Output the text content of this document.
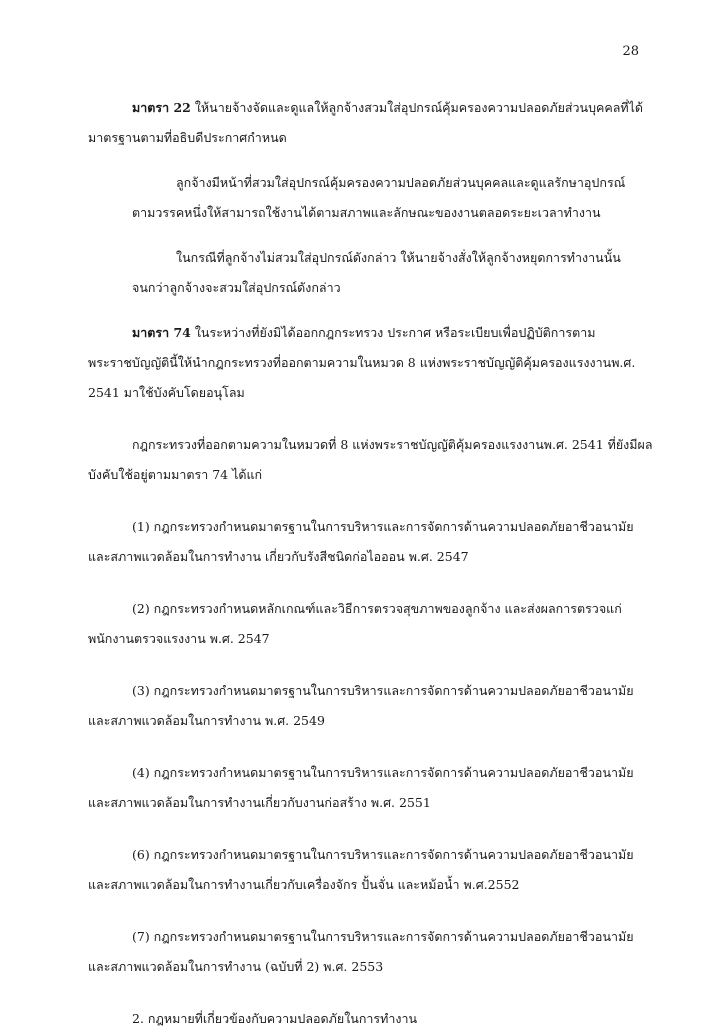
28

มาตรา 22 ให้นายจ้างจัดและดูแลให้ลูกจ้างสวมใส่อุปกรณ์คุ้มครองความปลอดภัยส่วนบุคคลที่ได้
มาตรฐานตามที่อธิบดีประกาศกำหนด

ลูกจ้างมีหน้าที่สวมใส่อุปกรณ์คุ้มครองความปลอดภัยส่วนบุคคลและดูแลรักษาอุปกรณ์
ตามวรรคหนึ่งให้สามารถใช้งานได้ตามสภาพและลักษณะของงานตลอดระยะเวลาทำงาน

ในกรณีที่ลูกจ้างไม่สวมใส่อุปกรณ์ดังกล่าว ให้นายจ้างสั่งให้ลูกจ้างหยุดการทำงานนั้น
จนกว่าลูกจ้างจะสวมใส่อุปกรณ์ดังกล่าว

มาตรา 74 ในระหว่างที่ยังมิได้ออกกฎกระทรวง ประกาศ หรือระเบียบเพื่อปฏิบัติการตาม
พระราชบัญญัตินี้ให้นำกฎกระทรวงที่ออกตามความในหมวด 8 แห่งพระราชบัญญัติคุ้มครองแรงงานพ.ศ.
2541 มาใช้บังคับโดยอนุโลม

กฎกระทรวงที่ออกตามความในหมวดที่ 8 แห่งพระราชบัญญัติคุ้มครองแรงงานพ.ศ. 2541 ที่ยังมีผล
บังคับใช้อยู่ตามมาตรา 74 ได้แก่

(1) กฎกระทรวงกำหนดมาตรฐานในการบริหารและการจัดการด้านความปลอดภัยอาชีวอนามัย
และสภาพแวดล้อมในการทำงาน เกี่ยวกับรังสีชนิดก่อไอออน พ.ศ. 2547

(2) กฎกระทรวงกำหนดหลักเกณฑ์และวิธีการตรวจสุขภาพของลูกจ้าง และส่งผลการตรวจแก่
พนักงานตรวจแรงงาน พ.ศ. 2547

(3) กฎกระทรวงกำหนดมาตรฐานในการบริหารและการจัดการด้านความปลอดภัยอาชีวอนามัย
และสภาพแวดล้อมในการทำงาน พ.ศ. 2549

(4) กฎกระทรวงกำหนดมาตรฐานในการบริหารและการจัดการด้านความปลอดภัยอาชีวอนามัย
และสภาพแวดล้อมในการทำงานเกี่ยวกับงานก่อสร้าง พ.ศ. 2551

(6) กฎกระทรวงกำหนดมาตรฐานในการบริหารและการจัดการด้านความปลอดภัยอาชีวอนามัย
และสภาพแวดล้อมในการทำงานเกี่ยวกับเครื่องจักร ปั้นจั่น และหม้อน้ำ พ.ศ.2552

(7) กฎกระทรวงกำหนดมาตรฐานในการบริหารและการจัดการด้านความปลอดภัยอาชีวอนามัย
และสภาพแวดล้อมในการทำงาน (ฉบับที่ 2) พ.ศ. 2553

2. กฎหมายที่เกี่ยวข้องกับความปลอดภัยในการทำงาน
